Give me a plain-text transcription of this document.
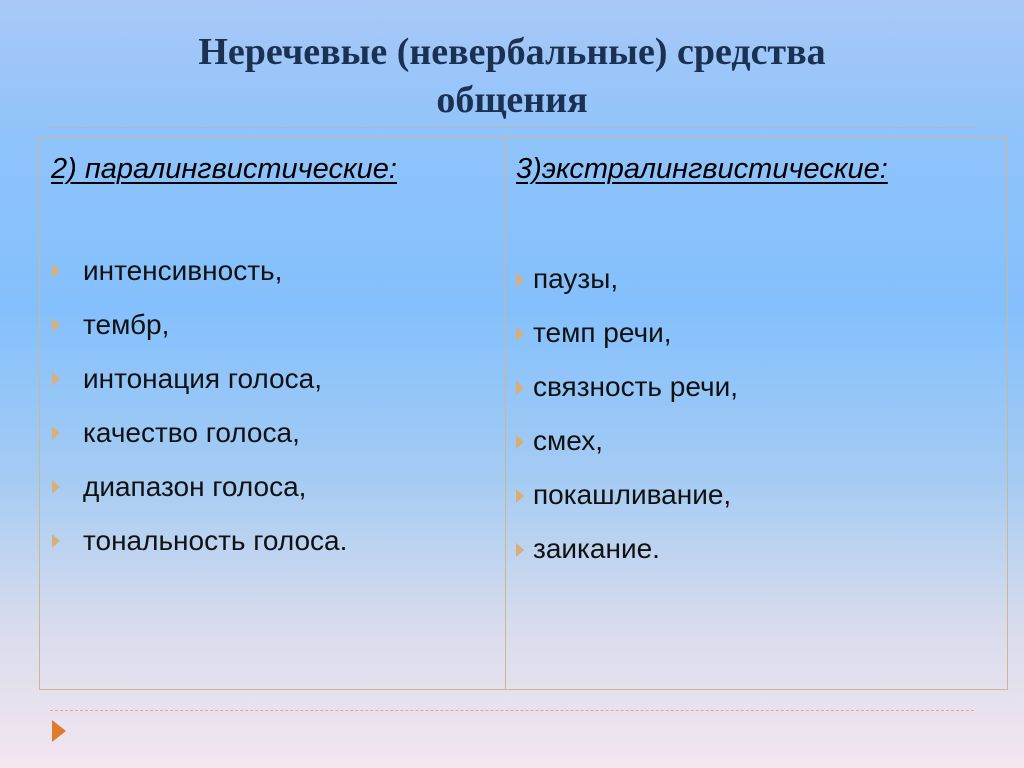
Неречевые (невербальные) средства
общения
2) паралингвистические:
интенсивность,
тембр,
интонация голоса,
качество голоса,
диапазон голоса,
тональность голоса.
3)экстралингвистические:
паузы,
темп речи,
связность речи,
смех,
покашливание,
заикание.
